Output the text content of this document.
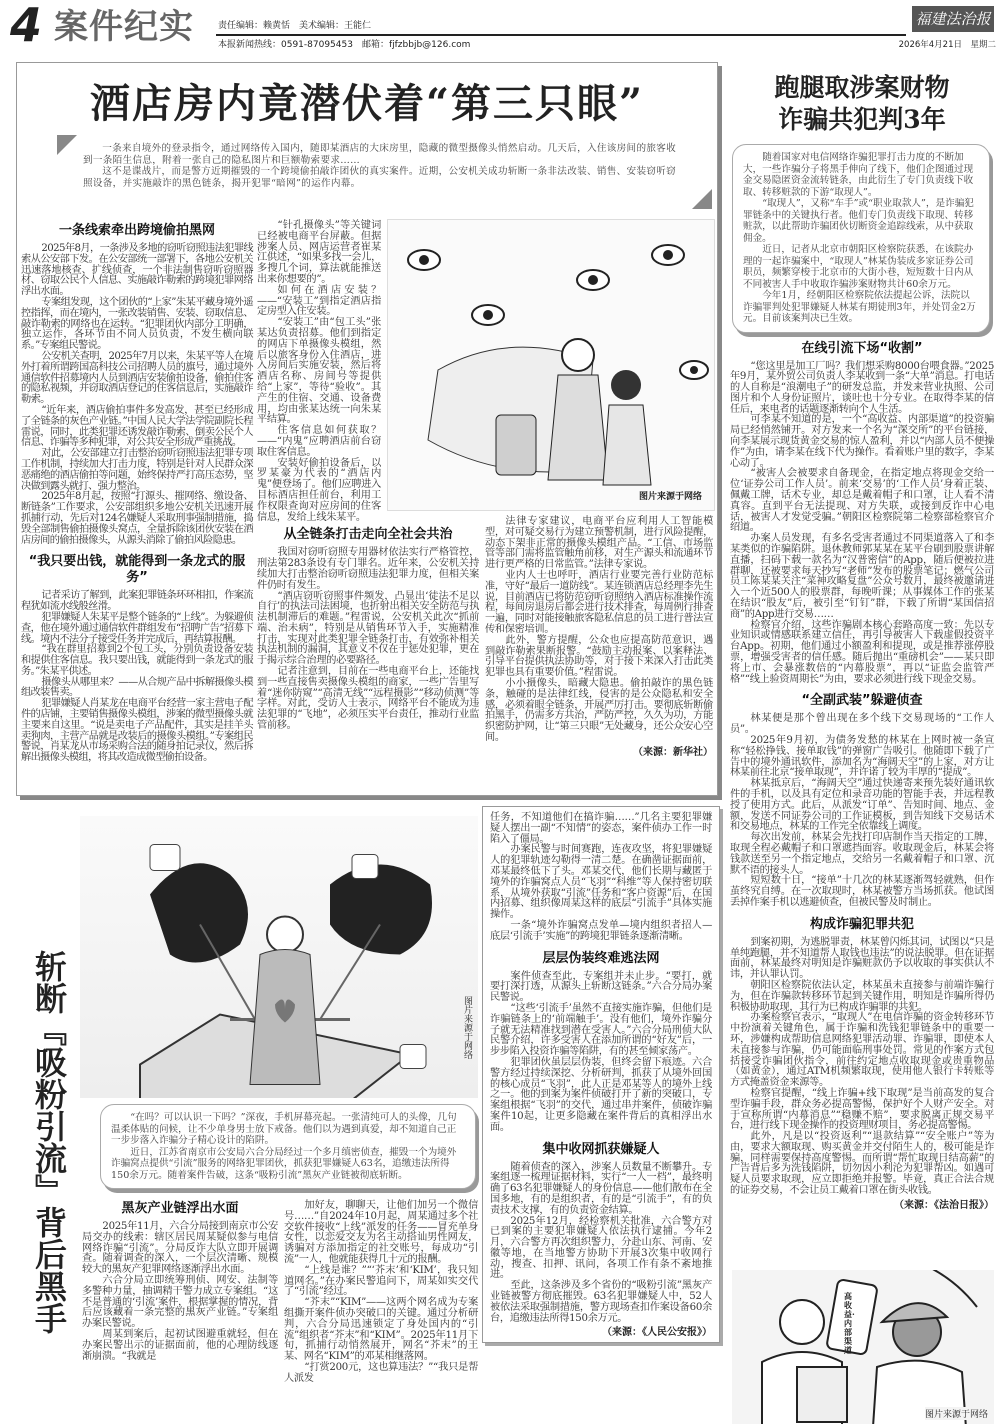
4 案件纪实	责任编辑：赖黄恬　美术编辑：王能仁
本报新闻热线：0591-87095453　邮箱：fjfzbbjb@126.com
福建法治报
2026年4月21日　星期二
酒店房内竟潜伏着“第三只眼”

一条来自境外的登录指令，通过网络传入国内，随即某酒店的大床房里，隐藏的微型摄像头悄然启动。几天后，入住该房间的旅客收到一条陌生信息，附着一张自己的隐私图片和巨额勒索要求……

这不是谍战片，而是警方近期摧毁的一个跨境偷拍敲诈团伙的真实案件。近期，公安机关成功斩断一条非法改装、销售、安装窃听窃照设备，并实施敲诈的黑色链条，揭开犯罪“暗网”的运作内幕。

一条线索牵出跨境偷拍黑网

2025年8月，一条涉及多地的窃听窃照违法犯罪线索从公安部下发。在公安部统一部署下，各地公安机关迅速落地核查、扩线侦查，一个非法制售窃听窃照器材、窃取公民个人信息、实施敲诈勒索的跨境犯罪网络浮出水面。

专案组发现，这个团伙的“上家”朱某平藏身境外遥控指挥，而在境内，一张改装销售、安装、窃取信息、敲诈勒索的网络也在运转。“犯罪团伙内部分工明确，独立运作，各环节由不同人员负责，不发生横向联系。”专案组民警说。

公安机关查明，2025年7月以来，朱某平等人在境外打着所谓跨国高科技公司招聘人员的旗号，通过境外通信软件招募境内人员到酒店安装偷拍设备，偷拍住客的隐私视频，并窃取酒店登记的住客信息后，实施敲诈勒索。

“近年来，酒店偷拍事件多发高发，甚至已经形成了全链条的灰色产业链。”中国人民大学法学院副院长程雷说，同时，此类犯罪还诱发敲诈勒索、倒卖公民个人信息、诈骗等多种犯罪，对公共安全形成严重挑战。

对此，公安部建立打击整治窃听窃照违法犯罪专项工作机制，持续加大打击力度，特别是针对人民群众深恶痛绝的酒店偷拍等问题，始终保持严打高压态势，坚决做到露头就打、强力整治。

2025年8月起，按照“打源头、摧网络、缴设备、断链条”工作要求，公安部组织多地公安机关迅速开展抓捕行动，先后对124名嫌疑人采取刑事强制措施，捣毁全部制售偷拍摄像头窝点，全量拆除该团伙安装在酒店房间的偷拍摄像头，从源头消除了偷拍风险隐患。

“我只要出钱，就能得到一条龙式的服务”

记者采访了解到，此案犯罪链条环环相扣，作案流程犹如流水线般丝滑。

犯罪嫌疑人朱某平是整个链条的“上线”。为躲避侦查，他在境外通过通信软件群组发布“招聘广告”招募下线。境内不法分子接受任务并完成后，再结算报酬。

“我在群里招募到2个包工头，分别负责设备安装和提供住客信息。我只要出钱，就能得到一条龙式的服务。”朱某平供述。

摄像头从哪里来？——从合规产品中拆解摄像头模组改装售卖。

犯罪嫌疑人肖某龙在电商平台经营一家主营电子配件的店铺，主要销售摄像头模组，涉案的微型摄像头就主要来自这里。“说是卖电子产品配件，其实是挂羊头卖狗肉，主营产品就是改装后的摄像头模组。”专案组民警说，肖某龙从市场采购合法的随身拍记录仪，然后拆解出摄像头模组，将其改造成微型偷拍设备。

“针孔摄像头”等关键词已经被电商平台屏蔽。但据涉案人员、网店运营者崔某江供述，“如果多找一会儿，多搜几个词，算法就能推送出来你想要的”。

如何在酒店安装？——“安装工”到指定酒店指定房型入住安装。

“安装工”由“包工头”张某达负责招募。他们到指定的网店下单摄像头模组，然后以旅客身份入住酒店，进入房间后实施安装，然后将酒店名称、房间号等提供给“上家”，等待“验收”。其产生的住宿、交通、设备费用，均由张某达统一向朱某平结算。

住客信息如何获取？——“内鬼”应聘酒店前台窃取住客信息。

安装好偷拍设备后，以罗某豪为代表的“酒店内鬼”便登场了。他们应聘进入目标酒店担任前台，利用工作权限查询对应房间的住客信息，发给上线朱某平。

从全链条打击走向全社会共治

我国对窃听窃照专用器材依法实行严格管控，刑法第283条设有专门罪名。近年来，公安机关持续加大打击整治窃听窃照违法犯罪力度，但相关案件仍时有发生。

“酒店窃听窃照事件频发，凸显出‘徒法不足以自行’的执法司法困境，也折射出相关安全防范与执法机制滞后的难题。”程雷说，公安机关此次“抓前端、治未病”，特别是从销售环节入手，实施精准打击，实现对此类犯罪全链条打击，有效弥补相关执法机制的漏洞，其意义不仅在于惩处犯罪，更在于揭示综合治理的必要路径。

记者注意到，目前在一些电商平台上，还能找到一些直接售卖摄像头模组的商家，一些广告里写着“迷你防窥”“高清无线”“远程摄影”“移动侦测”等字样。对此，受访人士表示，网络平台不能成为违法犯罪的“飞地”，必须压实平台责任，推动行业监管前移。

图片来源于网络

法律专家建议，电商平台应利用人工智能模型，对可疑交易行为建立预警机制，进行风险提醒，动态下架非正常的摄像头模组产品。“工信、市场监管等部门需将监管触角前移，对生产源头和流通环节进行更严格的日常监管。”法律专家说。

业内人士也呼吁，酒店行业要完善行业防范标准，守好“最后一道防线”。某连锁酒店总经理李先生说，目前酒店已将防范窃听窃照纳入酒店标准操作流程，每间房退房后都会进行技术排查，每周例行排查一遍，同时对能接触旅客隐私信息的员工进行普法宣传和保密培训。

此外，警方提醒，公众也应提高防范意识，遇到敲诈勒索果断报警。“鼓励主动报案、以案释法、引导平台提供执法协助等，对于接下来深入打击此类犯罪也具有重要价值。”程雷说。

小小摄像头，暗藏大隐患。偷拍敲诈的黑色链条，触碰的是法律红线，侵害的是公众隐私和安全感，必须着眼全链条，开展严厉打击。要彻底斩断偷拍黑手，仍需多方共治，严防严控，久久为功，方能织密防护网，让“第三只眼”无处藏身，还公众安心空间。

（来源：新华社）
跑腿取涉案财物
诈骗共犯判3年

随着国家对电信网络诈骗犯罪打击力度的不断加大，一些诈骗分子将黑手伸向了线下，他们企图通过现金交易隐匿资金流转链条，由此衍生了专门负责线下收取、转移赃款的下游“取现人”。

“取现人”，又称“车手”或“职业取款人”，是诈骗犯罪链条中的关键执行者。他们专门负责线下取现、转移赃款，以此帮助诈骗团伙切断资金追踪线索，从中获取佣金。

近日，记者从北京市朝阳区检察院获悉，在该院办理的一起诈骗案中，“取现人”林某伪装成多家证券公司职员，频繁穿梭于北京市的大街小巷，短短数十日内从不同被害人手中收取诈骗涉案财物共计60余万元。

今年1月，经朝阳区检察院依法提起公诉，法院以诈骗罪判处犯罪嫌疑人林某有期徒刑3年，并处罚金2万元。目前该案判决已生效。

在线引流下场“收割”

“您这里是加工厂吗？我们想采购8000台喂食器。”2025年9月，某外贸公司负责人李某收到一条“大单”消息。打电话的人自称是“浪潮电子”的研发总监，并发来营业执照、公司图片和个人身份证照片，谈吐也十分专业。在取得李某的信任后，来电者的话题逐渐转向个人生活。

可李某不知道的是，一个“高收益、内部渠道”的投资骗局已经悄然铺开。对方发来一个名为“深交所”的平台链接，向李某展示现货黄金交易的惊人盈利，并以“内部人员不便操作”为由，请李某在线下代为操作。看着账户里的数字，李某心动了。

“被害人会被要求自备现金，在指定地点将现金交给一位‘证券公司工作人员’。前来‘交易’的‘工作人员’身着正装、佩戴工牌，话术专业，却总是戴着帽子和口罩，让人看不清真容。直到平台无法提现、对方失联，或接到反诈中心电话，被害人才发觉受骗。”朝阳区检察院第二检察部检察官介绍道。

办案人员发现，有多名受害者通过不同渠道落入了和李某类似的诈骗陷阱。退休教师郭某某在某平台刷到股票讲解直播，扫码下载一款名为“汉普密信”的App，随后便被拉进群聊，还被要求每天抄写“老师”发布的股票笔记；燃气公司员工陈某某关注“菜神攻略复盘”公众号数月，最终被邀请进入一个近500人的股票群，每晚听课；从事媒体工作的张某在结识“股友”后，被引至“钉钉”群，下载了所谓“某国信招商”的App进行交易……

检察官介绍，这些诈骗剧本核心套路高度一致：先以专业知识或情感联系建立信任，再引导被害人下载虚假投资平台App。初期，他们通过小额盈利和提现，或是推荐涨停股票，增强受害者的信任感。随后抛出“重磅机会”——某只即将上市、会暴涨数倍的“内幕股票”，再以“证监会监管严格”“线上验资周期长”为由，要求必须进行线下现金交易。

“全副武装”躲避侦查

林某便是那个曾出现在多个线下交易现场的“工作人员”。

2025年9月初，为债务发愁的林某在上网时被一条宣称“轻松挣钱、接单取钱”的弹窗广告吸引。他随即下载了广告中的境外通讯软件，添加名为“海阔天空”的上家，对方让林某前往北京“接单取现”，并许诺了较为丰厚的“提成”。

林某抵京后，“海阔天空”通过快递寄来预先装好通讯软件的手机，以及具有定位和录音功能的智能手表，并远程教授了使用方式。此后，从派发“订单”、告知时间、地点、金额，发送不同证券公司的工作证模板，到告知线下交易话术和交易地点，林某的工作完全依靠线上调度。

每次出发前，林某会先找打印店制作当天指定的工牌，取现全程必戴帽子和口罩遮挡面容。收取现金后，林某会将钱款送至另一个指定地点，交给另一名戴着帽子和口罩、沉默不语的接头人。

短短数十日，“接单”十几次的林某逐渐驾轻就熟，但作茧终究自缚。在一次取现时，林某被警方当场抓获。他试图丢掉作案手机以逃避侦查，但被民警及时制止。

构成诈骗犯罪共犯

到案初期，为逃脱罪责，林某曾闪烁其词，试图以“只是单纯跑腿，并不知道帮人取钱也违法”的说法脱罪。但在证据面前，林某最终对明知是诈骗赃款仍予以收取的事实供认不讳，并认罪认罚。

朝阳区检察院依法认定，林某虽未直接参与前端诈骗行为，但在诈骗款转移环节起到关键作用，明知是诈骗所得仍积极协助取现，其行为已构成诈骗罪的共犯。

办案检察官表示，“取现人”在电信诈骗的资金转移环节中扮演着关键角色，属于诈骗和洗钱犯罪链条中的重要一环，涉嫌构成帮助信息网络犯罪活动罪、诈骗罪，即使本人未直接参与诈骗，仍可能面临刑事处罚。常见的作案方式包括接受诈骗团伙指令，前往约定地点收取现金或贵重物品（如黄金），通过ATM机频繁取现，使用他人银行卡转账等方式掩盖资金来源等。

检察官提醒，“线上诈骗+线下取现”是当前高发的复合型诈骗手段，群众务必提高警惕，保护好个人财产安全。对于宣称所谓“内幕消息”“稳赚不赔”，要求脱离正规交易平台，进行线下现金操作的投资理财项目，务必提高警惕。

此外，凡是以“投资返利”“退款结算”“安全账户”等为由，要求大额取现、购买黄金并交付陌生人的，极可能是诈骗，同样需要保持高度警惕。而所谓“帮忙取现日结高薪”的广告背后多为洗钱陷阱，切勿因小利沦为犯罪帮凶。如遇可疑人员要求取现，应立即拒绝并报警。毕竟，真正合法合规的证券交易，不会让员工戴着口罩在街头收钱。

（来源：《法治日报》）
高收益·内部渠道
图片来源于网络
斩断『吸粉引流』背后黑手	图片来源于网络

“在吗？可以认识一下吗？”深夜，手机屏幕亮起。一张清纯可人的头像，几句温柔体贴的问候，让不少单身男士放下戒备。他们以为遇到真爱，却不知道自己正一步步落入诈骗分子精心设计的陷阱。

近日，江苏省南京市公安局六合分局经过一个多月缜密侦查，摧毁一个为境外诈骗窝点提供“引流”服务的网络犯罪团伙，抓获犯罪嫌疑人63名，追缴违法所得150余万元。随着案件告破，这条“吸粉引流”黑灰产业链被彻底斩断。

黑灰产业链浮出水面

2025年11月，六合分局接到南京市公安局交办的线索：辖区居民周某疑似参与电信网络诈骗“引流”。分局反诈大队立即开展调查。随着调查的深入，一个层次清晰、规模较大的黑灰产犯罪网络逐渐浮出水面。

六合分局立即统筹刑侦、网安、法制等多警种力量，抽调精干警力成立专案组。“这不是普通的‘引流’案件，根据掌握的情况，背后应该藏着一条完整的黑灰产业链。”专案组办案民警说。

周某到案后，起初试图避重就轻，但在办案民警出示的证据面前，他的心理防线逐渐崩溃。“我就是

加好友，聊聊天，让他们加另一个微信号……”自2024年10月起，周某通过多个社交软件接收“上线”派发的任务——冒充单身女性，以恋爱交友为名主动搭讪男性网友，诱骗对方添加指定的社交账号，每成功“引流”一人，他就能获得几十元的报酬。

“上线是谁？”“‘芥末’和‘KIM’，我只知道网名。”在办案民警追问下，周某如实交代了“引流”经过。

“芥末”“KIM”——这两个网名成为专案组撕开案件侦办突破口的关键。通过分析研判，六合分局迅速锁定了身处国内的“引流”组织者“芥末”和“KIM”。2025年11月下旬，抓捕行动悄然展开，网名“芥末”的王某、网名“KIM”的邓某相继落网。

“打赏200元，这也算违法？”“我只是帮人派发

任务，不知道他们在搞诈骗……”几名主要犯罪嫌疑人摆出一副“不知情”的姿态，案件侦办工作一时陷入了僵局。

办案民警与时间赛跑，连夜攻坚，将犯罪嫌疑人的犯罪轨迹勾勒得一清二楚。在确凿证据面前，邓某最终低下了头。邓某交代，他们长期与藏匿于境外的诈骗窝点人员“飞羽”“科维”等人保持密切联系，从境外获取“引流”任务和“客户资源”后，在国内招募、组织像周某这样的底层“引流手”具体实施操作。

一条“境外诈骗窝点发单—境内组织者招人—底层‘引流手’实施”的跨境犯罪链条逐渐清晰。

层层伪装终难逃法网

案件侦查至此，专案组并未止步。“要打，就要打深打透，从源头上斩断这链条。”六合分局办案民警说。

“这些‘引流手’虽然不直接实施诈骗，但他们是诈骗链条上的‘前端触手’。没有他们，境外诈骗分子就无法精准找到潜在受害人。”六合分局刑侦大队民警介绍，许多受害人在添加所谓的“好友”后，一步步陷入投资诈骗等陷阱，有的甚至倾家荡产。

犯罪团伙虽层层伪装，但终会留下痕迹。六合警方经过持续深挖、分析研判，抓获了从境外回国的核心成员“飞羽”，此人正是邓某等人的境外上线之一。他的到案为案件侦破打开了新的突破口，专案组根据“飞羽”的交代，通过串并案件，侦破诈骗案件10起，让更多隐藏在案件背后的真相浮出水面。

集中收网抓获嫌疑人

随着侦查的深入，涉案人员数量不断攀升。专案组逐一梳理证据材料，实行“一人一档”，最终明确了63名犯罪嫌疑人的身份信息——他们散布在全国多地，有的是组织者，有的是“引流手”，有的负责技术支撑，有的负责资金结算。

2025年12月，经检察机关批准，六合警方对已到案的主要犯罪嫌疑人依法执行逮捕。今年2月，六合警方再次组织警力，分赴山东、河南、安徽等地，在当地警方协助下开展3次集中收网行动，搜查、扣押、讯问，各项工作有条不紊地推进。

至此，这条涉及多个省份的“吸粉引流”黑灰产业链被警方彻底摧毁。63名犯罪嫌疑人中，52人被依法采取强制措施，警方现场查扣作案设备60余台，追缴违法所得150余万元。

（来源：《人民公安报》）
